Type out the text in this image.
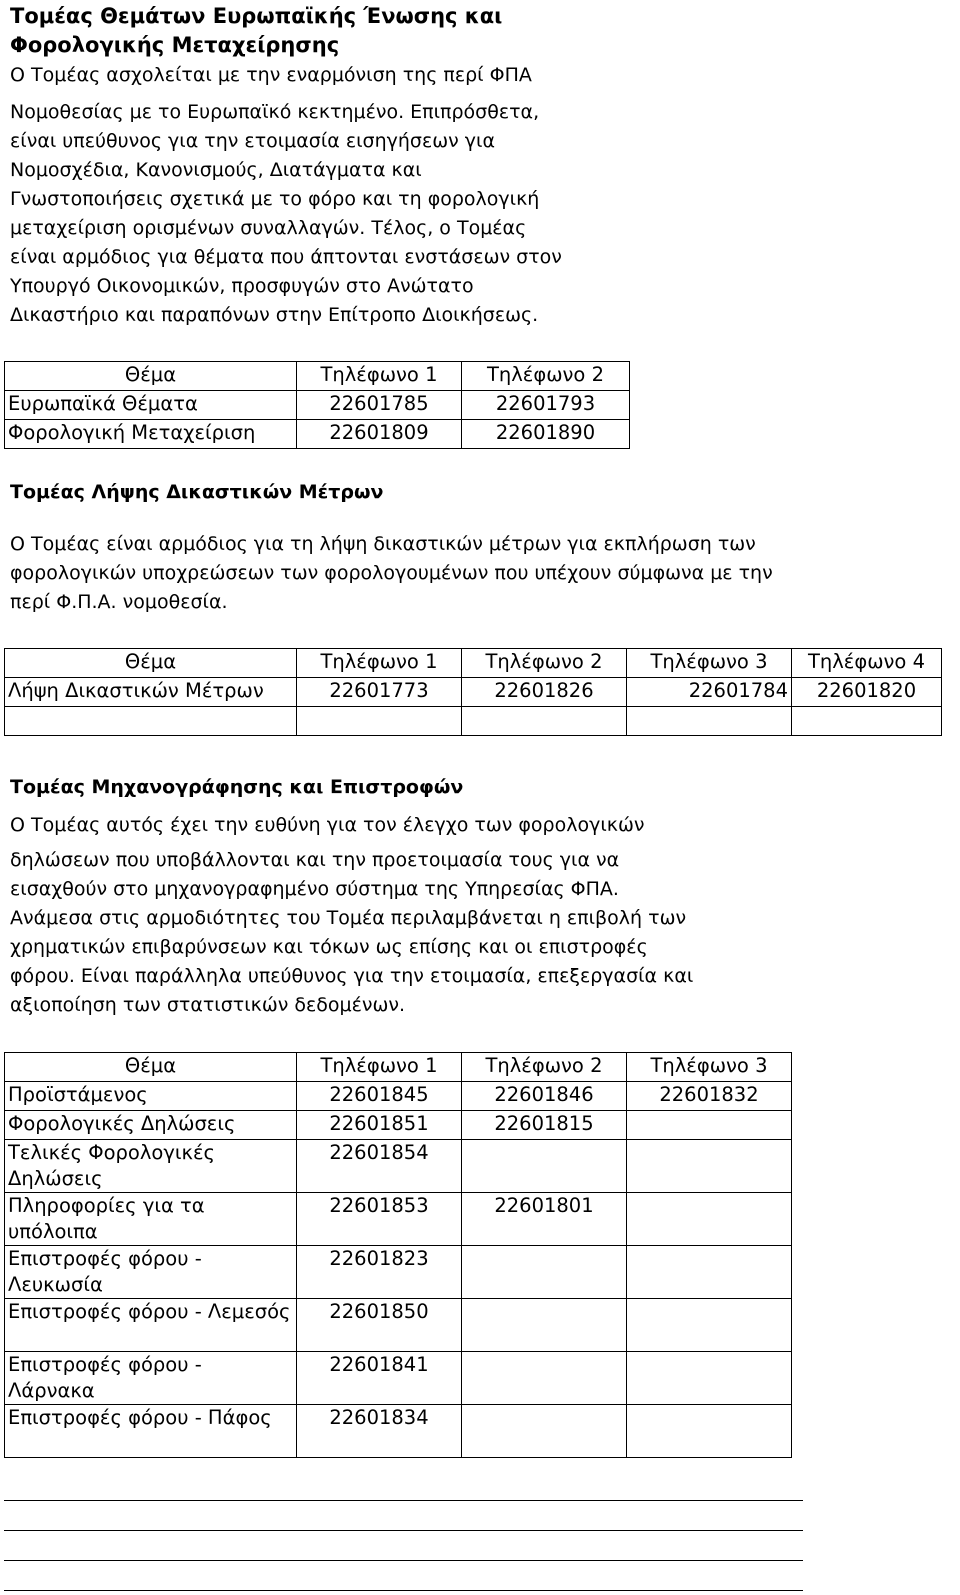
Τομέας Θεμάτων Ευρωπαϊκής Ένωσης και Φορολογικής Μεταχείρησης
Ο Τομέας ασχολείται με την εναρμόνιση της περί ΦΠΑ
Νομοθεσίας με το Ευρωπαϊκό κεκτημένο. Επιπρόσθετα,
είναι υπεύθυνος για την ετοιμασία εισηγήσεων για
Νομοσχέδια, Κανονισμούς, Διατάγματα και
Γνωστοποιήσεις σχετικά με το φόρο και τη φορολογική
μεταχείριση ορισμένων συναλλαγών. Τέλος, ο Τομέας
είναι αρμόδιος για θέματα που άπτονται ενστάσεων στον
Υπουργό Οικονομικών, προσφυγών στο Ανώτατο
Δικαστήριο και παραπόνων στην Επίτροπο Διοικήσεως.
Θέμα	Τηλέφωνο 1	Τηλέφωνο 2
Ευρωπαϊκά Θέματα	22601785	22601793
Φορολογική Μεταχείριση	22601809	22601890
Τομέας Λήψης Δικαστικών Μέτρων
Ο Τομέας είναι αρμόδιος για τη λήψη δικαστικών μέτρων για εκπλήρωση των
φορολογικών υποχρεώσεων των φορολογουμένων που υπέχουν σύμφωνα με την
περί Φ.Π.Α. νομοθεσία.
Θέμα	Τηλέφωνο 1	Τηλέφωνο 2	Τηλέφωνο 3	Τηλέφωνο 4
Λήψη Δικαστικών Μέτρων	22601773	22601826	22601784	22601820

Τομέας Μηχανογράφησης και Επιστροφών
Ο Τομέας αυτός έχει την ευθύνη για τον έλεγχο των φορολογικών
δηλώσεων που υποβάλλονται και την προετοιμασία τους για να
εισαχθούν στο μηχανογραφημένο σύστημα της Υπηρεσίας ΦΠΑ.
Ανάμεσα στις αρμοδιότητες του Τομέα περιλαμβάνεται η επιβολή των
χρηματικών επιβαρύνσεων και τόκων ως επίσης και οι επιστροφές
φόρου. Είναι παράλληλα υπεύθυνος για την ετοιμασία, επεξεργασία και
αξιοποίηση των στατιστικών δεδομένων.
Θέμα	Τηλέφωνο 1	Τηλέφωνο 2	Τηλέφωνο 3
Προϊστάμενος	22601845	22601846	22601832
Φορολογικές Δηλώσεις	22601851	22601815	
Τελικές Φορολογικές Δηλώσεις	22601854		
Πληροφορίες για τα υπόλοιπα	22601853	22601801	
Επιστροφές φόρου - Λευκωσία	22601823		
Επιστροφές φόρου - Λεμεσός	22601850		
Επιστροφές φόρου - Λάρνακα	22601841		
Επιστροφές φόρου - Πάφος	22601834		
